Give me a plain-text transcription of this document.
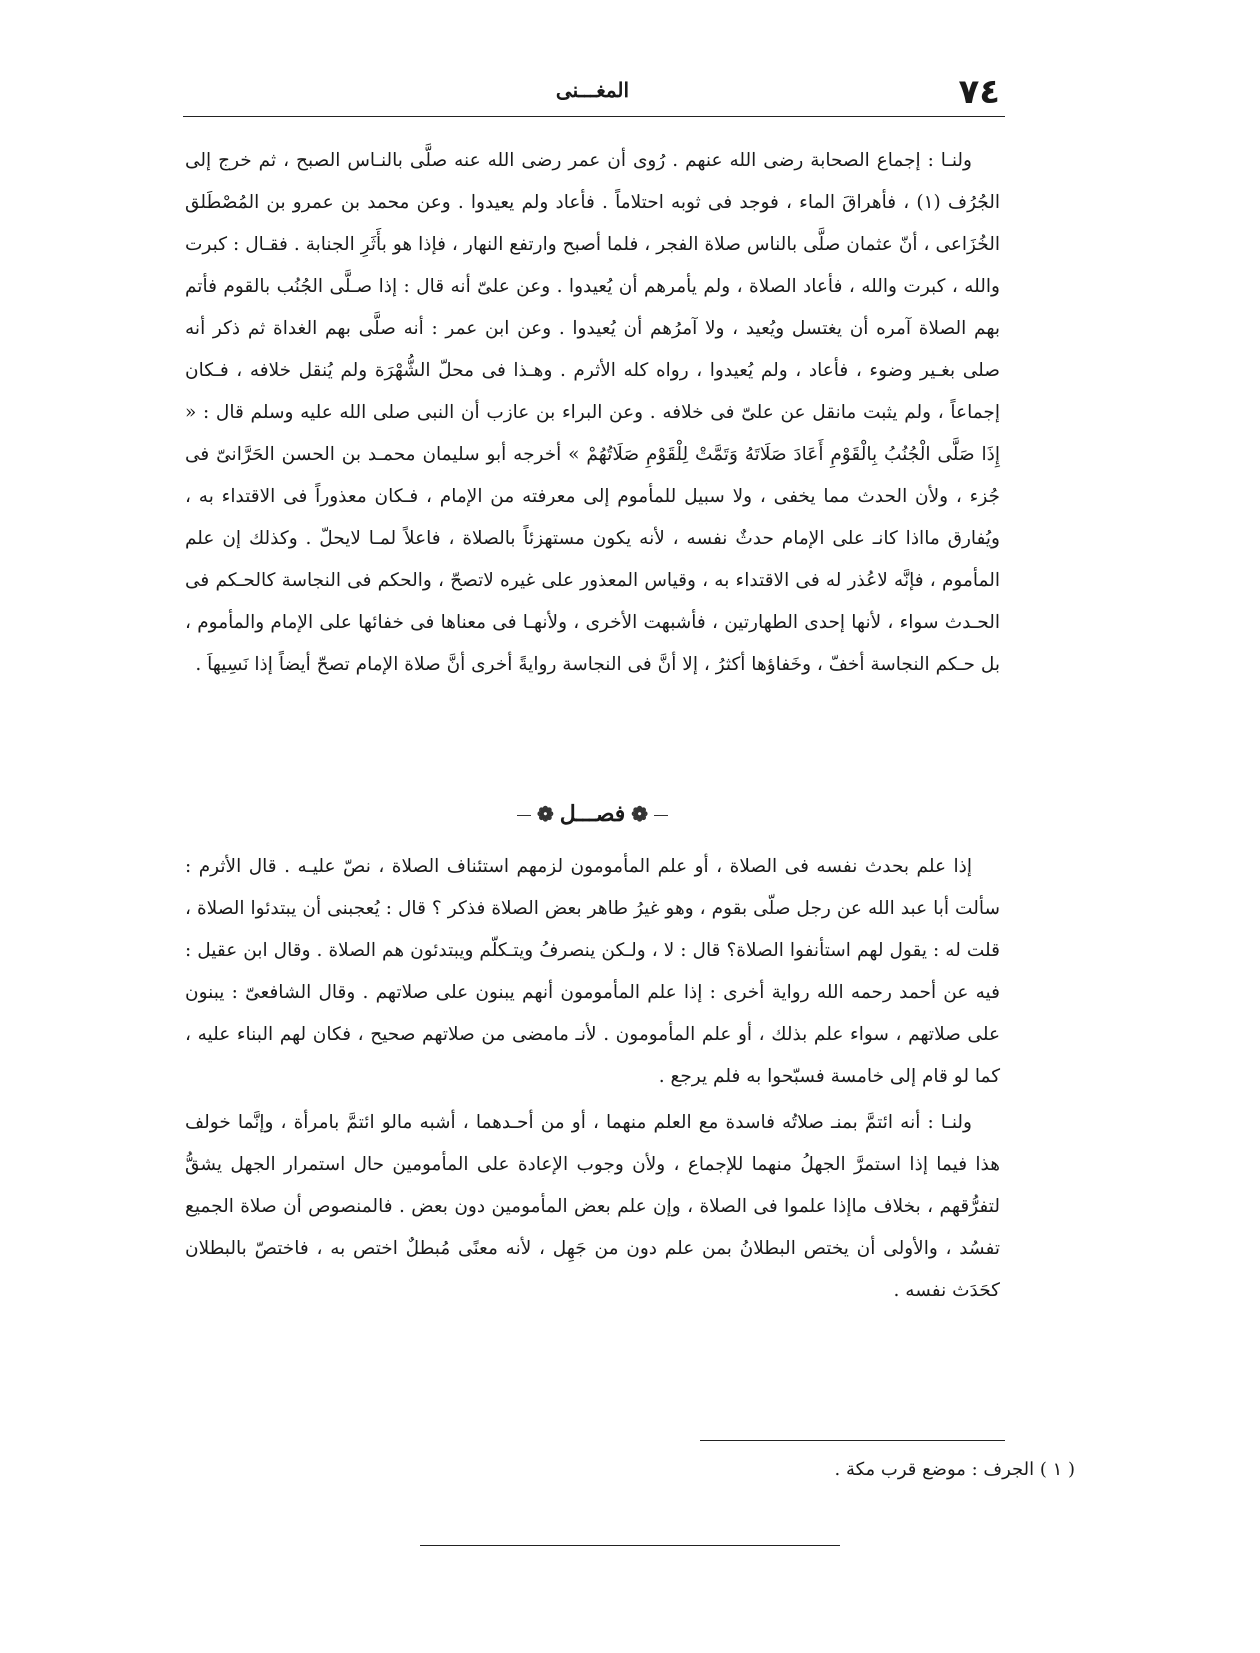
٧٤
المغـــنى

ولنـا : إجماع الصحابة رضى الله عنهم . رُوى أن عمر رضى الله عنه صلَّى بالنـاس الصبح ، ثم خرج إلى الجُرُف (١) ، فأهراقَ الماء ، فوجد فى ثوبه احتلاماً . فأعاد ولم يعيدوا . وعن محمد بن عمرو بن المُصْطَلق الخُزَاعى ، أنّ عثمان صلَّى بالناس صلاة الفجر ، فلما أصبح وارتفع النهار ، فإذا هو بأَثَرِ الجنابة . فقـال : كبرت والله ، كبرت والله ، فأعاد الصلاة ، ولم يأمرهم أن يُعيدوا . وعن علىّ أنه قال : إذا صـلَّى الجُنُب بالقوم فأتم بهم الصلاة آمره أن يغتسل ويُعيد ، ولا آمرُهم أن يُعيدوا . وعن ابن عمر : أنه صلَّى بهم الغداة ثم ذكر أنه صلى بغـير وضوء ، فأعاد ، ولم يُعيدوا ، رواه كله الأثرم . وهـذا فى محلّ الشُّهْرَة ولم يُنقل خلافه ، فـكان إجماعاً ، ولم يثبت مانقل عن علىّ فى خلافه . وعن البراء بن عازب أن النبى صلى الله عليه وسلم قال : « إِذَا صَلَّى الْجُنُبُ بِالْقَوْمِ أَعَادَ صَلَاتَهُ وَتَمَّتْ لِلْقَوْمِ صَلَاتُهُمْ » أخرجه أبو سليمان محمـد بن الحسن الحَرَّانىّ فى جُزء ، ولأن الحدث مما يخفى ، ولا سبيل للمأموم إلى معرفته من الإمام ، فـكان معذوراً فى الاقتداء به ، ويُفارق مااذا كانـ على الإمام حدثٌ نفسه ، لأنه يكون مستهزئاً بالصلاة ، فاعلاً لمـا لايحلّ . وكذلك إن علم المأموم ، فإنَّه لاعُذر له فى الاقتداء به ، وقياس المعذور على غيره لاتصحّ ، والحكم فى النجاسة كالحـكم فى الحـدث سواء ، لأنها إحدى الطهارتين ، فأشبهت الأخرى ، ولأنهـا فى معناها فى خفائها على الإمام والمأموم ، بل حـكم النجاسة أخفّ ، وخَفاؤها أكثرُ ، إلا أنَّ فى النجاسة روايةً أخرى أنَّ صلاة الإمام تصحّ أيضاً إذا نَسِيهاَ .

❁فصـــل❁

إذا علم بحدث نفسه فى الصلاة ، أو علم المأمومون لزمهم استئناف الصلاة ، نصّ عليـه . قال الأثرم : سألت أبا عبد الله عن رجل صلّى بقوم ، وهو غيرُ طاهر بعض الصلاة فذكر ؟ قال : يُعجبنى أن يبتدئوا الصلاة ، قلت له : يقول لهم استأنفوا الصلاة؟ قال : لا ، ولـكن ينصرفُ ويتـكلّم ويبتدئون هم الصلاة . وقال ابن عقيل : فيه عن أحمد رحمه الله رواية أخرى : إذا علم المأمومون أنهم يبنون على صلاتهم . وقال الشافعىّ : يبنون على صلاتهم ، سواء علم بذلك ، أو علم المأمومون . لأنـ مامضى من صلاتهم صحيح ، فكان لهم البناء عليه ، كما لو قام إلى خامسة فسبّحوا به فلم يرجع .

ولنـا : أنه ائتمَّ بمنـ صلاتُه فاسدة مع العلم منهما ، أو من أحـدهما ، أشبه مالو ائتمَّ بامرأة ، وإنَّما خولف هذا فيما إذا استمرَّ الجهلُ منهما للإجماع ، ولأن وجوب الإعادة على المأمومين حال استمرار الجهل يشقُّ لتفرُّقهم ، بخلاف ماإذا علموا فى الصلاة ، وإن علم بعض المأمومين دون بعض . فالمنصوص أن صلاة الجميع تفسُد ، والأولى أن يختص البطلانُ بمن علم دون من جَهِل ، لأنه معنًى مُبطلٌ اختص به ، فاختصّ بالبطلان كحَدَث نفسه .

( ١ ) الجرف : موضع قرب مكة .
